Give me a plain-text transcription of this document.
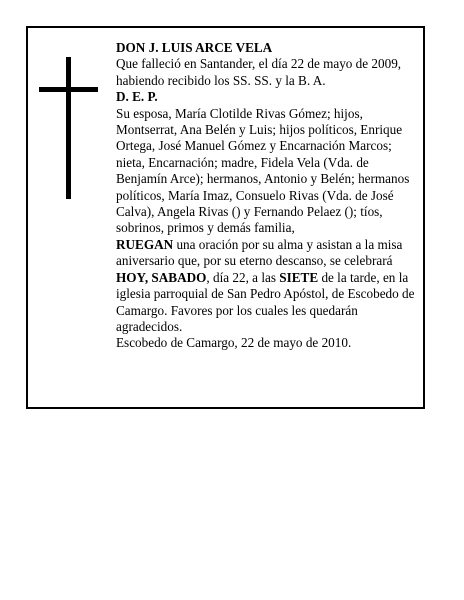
DON J. LUIS ARCE VELA

Que falleció en Santander, el día 22 de mayo de 2009, habiendo recibido los SS. SS. y la B. A.

D. E. P.

Su esposa, María Clotilde Rivas Gómez; hijos, Montserrat, Ana Belén y Luis; hijos políticos, Enrique Ortega, José Manuel Gómez y Encarnación Marcos; nieta, Encarnación; madre, Fidela Vela (Vda. de Benjamín Arce); hermanos, Antonio y Belén; hermanos políticos, María Imaz, Consuelo Rivas (Vda. de José Calva), Angela Rivas () y Fernando Pelaez (); tíos, sobrinos, primos y demás familia,

RUEGAN una oración por su alma y asistan a la misa aniversario que, por su eterno descanso, se celebrará HOY, SABADO, día 22, a las SIETE de la tarde, en la iglesia parroquial de San Pedro Apóstol, de Escobedo de Camargo. Favores por los cuales les quedarán agradecidos.

Escobedo de Camargo, 22 de mayo de 2010.
